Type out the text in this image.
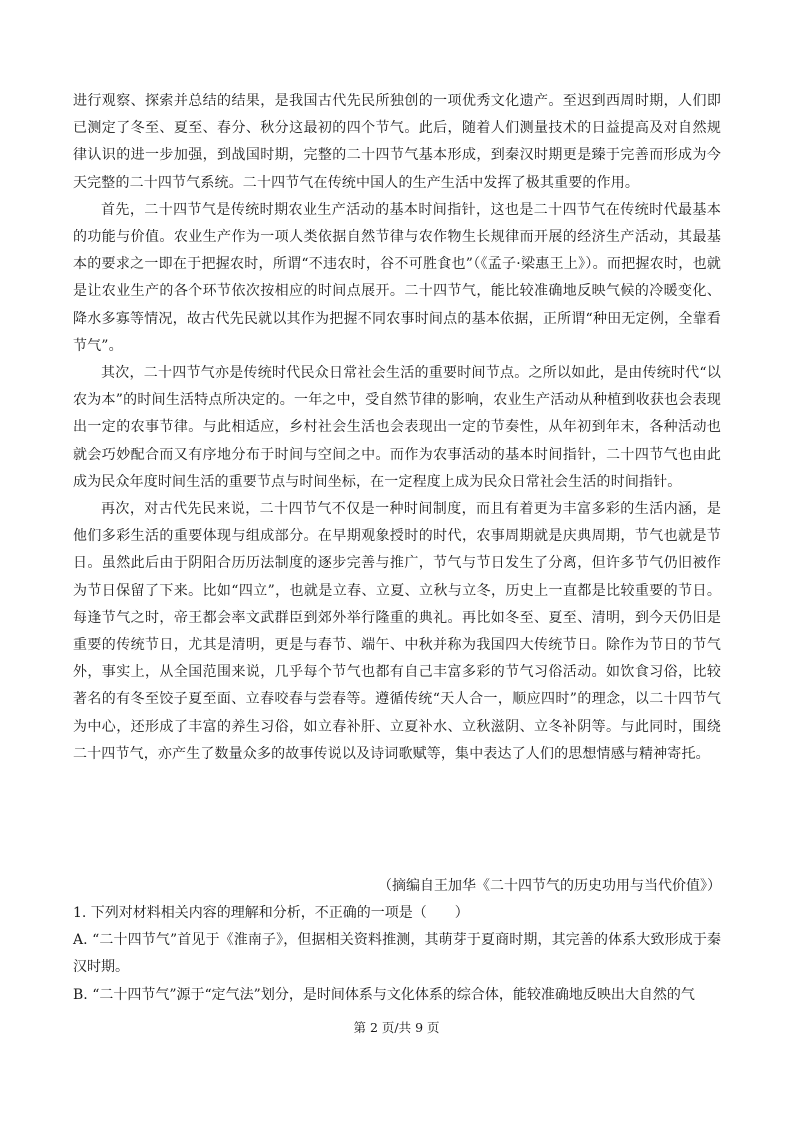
进行观察、探索并总结的结果，是我国古代先民所独创的一项优秀文化遗产。至迟到西周时期，人们即已测定了冬至、夏至、春分、秋分这最初的四个节气。此后，随着人们测量技术的日益提高及对自然规律认识的进一步加强，到战国时期，完整的二十四节气基本形成，到秦汉时期更是臻于完善而形成为今天完整的二十四节气系统。二十四节气在传统中国人的生产生活中发挥了极其重要的作用。

首先，二十四节气是传统时期农业生产活动的基本时间指针，这也是二十四节气在传统时代最基本的功能与价值。农业生产作为一项人类依据自然节律与农作物生长规律而开展的经济生产活动，其最基本的要求之一即在于把握农时，所谓“不违农时，谷不可胜食也”（《孟子·梁惠王上》）。而把握农时，也就是让农业生产的各个环节依次按相应的时间点展开。二十四节气，能比较准确地反映气候的冷暖变化、降水多寡等情况，故古代先民就以其作为把握不同农事时间点的基本依据，正所谓“种田无定例，全靠看节气”。

其次，二十四节气亦是传统时代民众日常社会生活的重要时间节点。之所以如此，是由传统时代“以农为本”的时间生活特点所决定的。一年之中，受自然节律的影响，农业生产活动从种植到收获也会表现出一定的农事节律。与此相适应，乡村社会生活也会表现出一定的节奏性，从年初到年末，各种活动也就会巧妙配合而又有序地分布于时间与空间之中。而作为农事活动的基本时间指针，二十四节气也由此成为民众年度时间生活的重要节点与时间坐标，在一定程度上成为民众日常社会生活的时间指针。

再次，对古代先民来说，二十四节气不仅是一种时间制度，而且有着更为丰富多彩的生活内涵，是他们多彩生活的重要体现与组成部分。在早期观象授时的时代，农事周期就是庆典周期，节气也就是节日。虽然此后由于阴阳合历历法制度的逐步完善与推广，节气与节日发生了分离，但许多节气仍旧被作为节日保留了下来。比如“四立”，也就是立春、立夏、立秋与立冬，历史上一直都是比较重要的节日。每逢节气之时，帝王都会率文武群臣到郊外举行隆重的典礼。再比如冬至、夏至、清明，到今天仍旧是重要的传统节日，尤其是清明，更是与春节、端午、中秋并称为我国四大传统节日。除作为节日的节气外，事实上，从全国范围来说，几乎每个节气也都有自己丰富多彩的节气习俗活动。如饮食习俗，比较著名的有冬至饺子夏至面、立春咬春与尝春等。遵循传统“天人合一，顺应四时”的理念，以二十四节气为中心，还形成了丰富的养生习俗，如立春补肝、立夏补水、立秋滋阴、立冬补阴等。与此同时，围绕二十四节气，亦产生了数量众多的故事传说以及诗词歌赋等，集中表达了人们的思想情感与精神寄托。

（摘编自王加华《二十四节气的历史功用与当代价值》）

1. 下列对材料相关内容的理解和分析，不正确的一项是（　　）

A. “二十四节气”首见于《淮南子》，但据相关资料推测，其萌芽于夏商时期，其完善的体系大致形成于秦汉时期。

B. “二十四节气”源于“定气法”划分，是时间体系与文化体系的综合体，能较准确地反映出大自然的气

第 2 页/共 9 页
